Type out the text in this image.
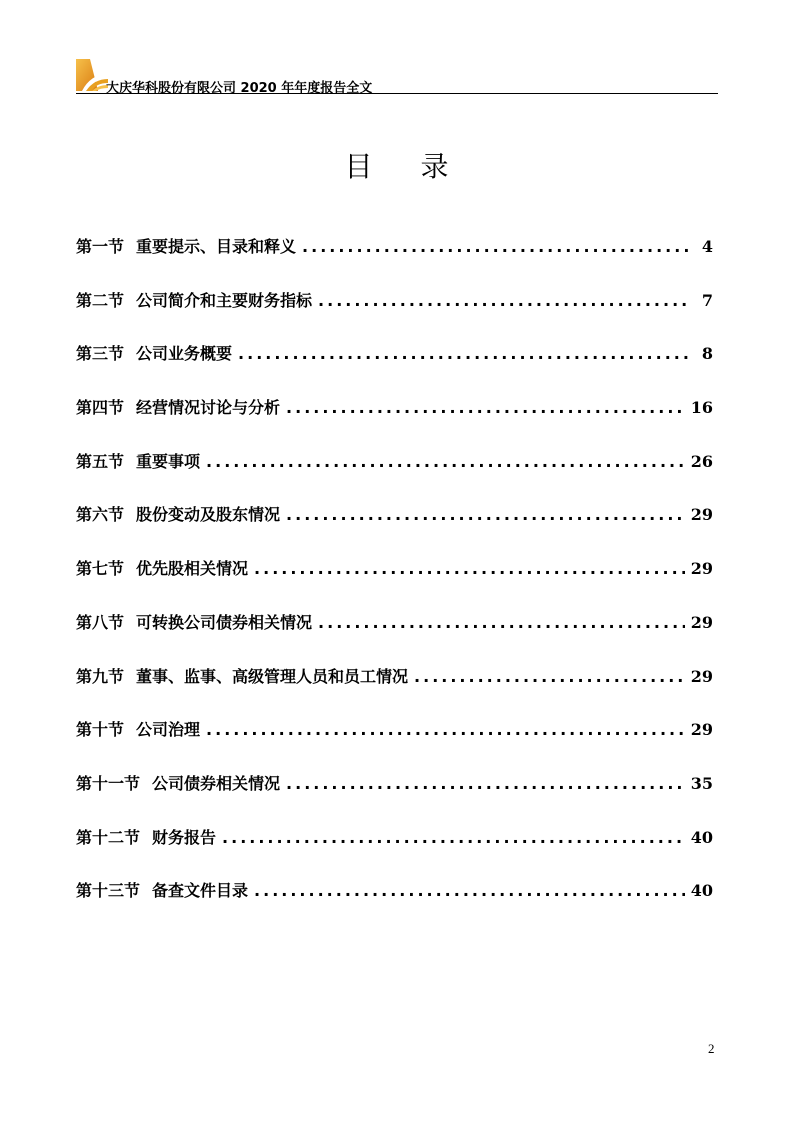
大庆华科股份有限公司 2020 年年度报告全文
目录
第一节 重要提示、目录和释义 .....	4
第二节 公司简介和主要财务指标 .....	7
第三节 公司业务概要 .....	8
第四节 经营情况讨论与分析 .....	16
第五节 重要事项 .....	26
第六节 股份变动及股东情况 .....	29
第七节 优先股相关情况 .....	29
第八节 可转换公司债券相关情况 .....	29
第九节 董事、监事、高级管理人员和员工情况 .....	29
第十节 公司治理 .....	29
第十一节 公司债券相关情况 .....	35
第十二节 财务报告 .....	40
第十三节 备查文件目录 .....	40
2
